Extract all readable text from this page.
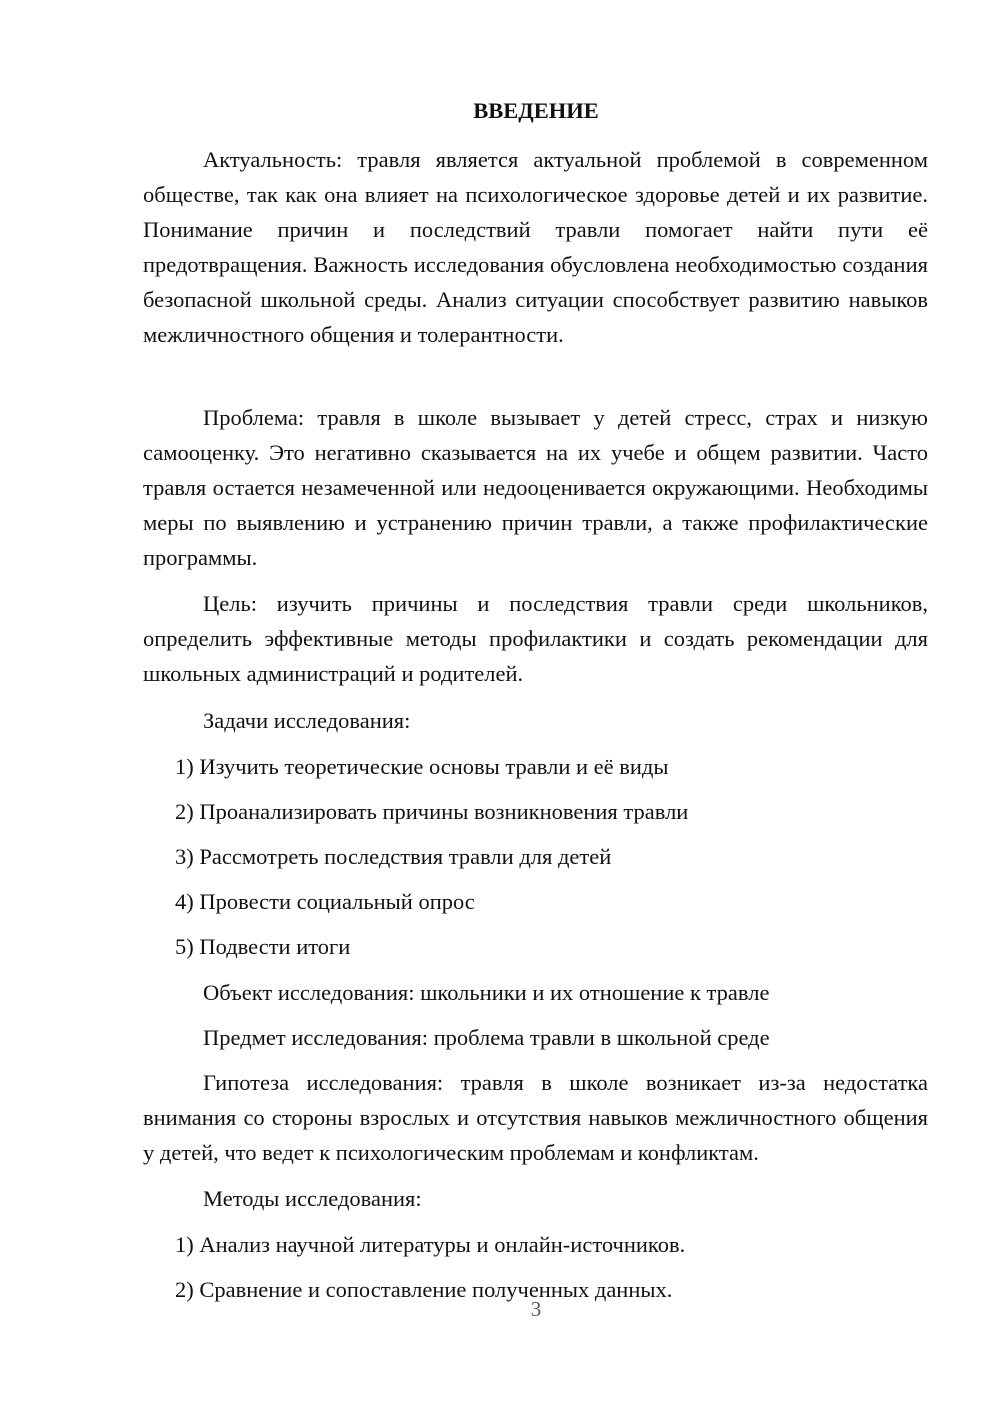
ВВЕДЕНИЕ

Актуальность: травля является актуальной проблемой в современном обществе, так как она влияет на психологическое здоровье детей и их развитие. Понимание причин и последствий травли помогает найти пути её предотвращения. Важность исследования обусловлена необходимостью создания безопасной школьной среды. Анализ ситуации способствует развитию навыков межличностного общения и толерантности.

Проблема: травля в школе вызывает у детей стресс, страх и низкую самооценку. Это негативно сказывается на их учебе и общем развитии. Часто травля остается незамеченной или недооценивается окружающими. Необходимы меры по выявлению и устранению причин травли, а также профилактические программы.

Цель: изучить причины и последствия травли среди школьников, определить эффективные методы профилактики и создать рекомендации для школьных администраций и родителей.

Задачи исследования:

1) Изучить теоретические основы травли и её виды

2) Проанализировать причины возникновения травли

3) Рассмотреть последствия травли для детей

4) Провести социальный опрос

5) Подвести итоги

Объект исследования: школьники и их отношение к травле

Предмет исследования: проблема травли в школьной среде

Гипотеза исследования: травля в школе возникает из-за недостатка внимания со стороны взрослых и отсутствия навыков межличностного общения у детей, что ведет к психологическим проблемам и конфликтам.

Методы исследования:

1) Анализ научной литературы и онлайн-источников.

2) Сравнение и сопоставление полученных данных.

3
